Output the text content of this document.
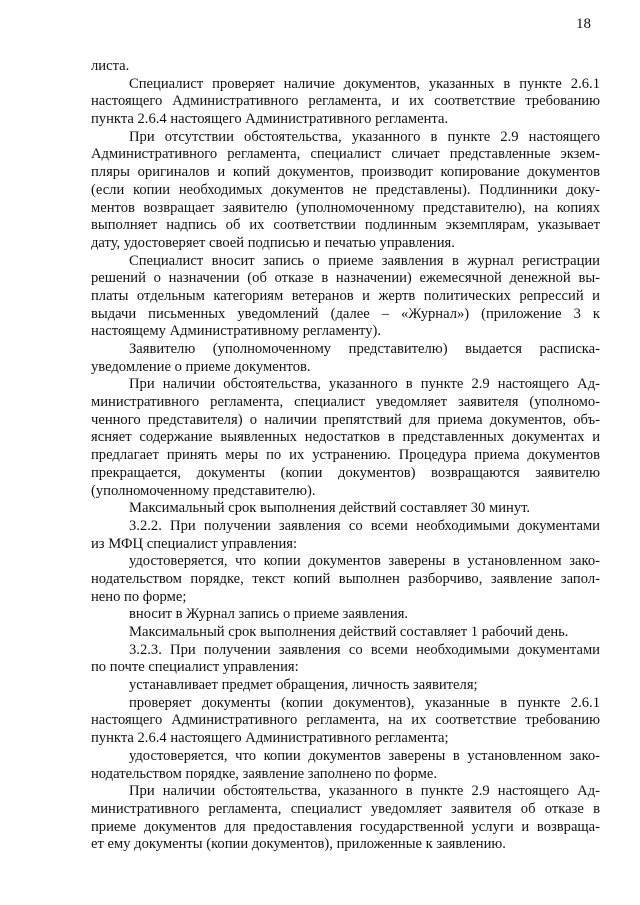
18
листа.
Специалист проверяет наличие документов, указанных в пункте 2.6.1
настоящего Административного регламента, и их соответствие требованию
пункта 2.6.4 настоящего Административного регламента.
При отсутствии обстоятельства, указанного в пункте 2.9 настоящего
Административного регламента, специалист сличает представленные экзем-
пляры оригиналов и копий документов, производит копирование документов
(если копии необходимых документов не представлены). Подлинники доку-
ментов возвращает заявителю (уполномоченному представителю), на копиях
выполняет надпись об их соответствии подлинным экземплярам, указывает
дату, удостоверяет своей подписью и печатью управления.
Специалист вносит запись о приеме заявления в журнал регистрации
решений о назначении (об отказе в назначении) ежемесячной денежной вы-
платы отдельным категориям ветеранов и жертв политических репрессий и
выдачи письменных уведомлений (далее – «Журнал») (приложение 3 к
настоящему Административному регламенту).
Заявителю (уполномоченному представителю) выдается расписка-
уведомление о приеме документов.
При наличии обстоятельства, указанного в пункте 2.9 настоящего Ад-
министративного регламента, специалист уведомляет заявителя (уполномо-
ченного представителя) о наличии препятствий для приема документов, объ-
ясняет содержание выявленных недостатков в представленных документах и
предлагает принять меры по их устранению. Процедура приема документов
прекращается, документы (копии документов) возвращаются заявителю
(уполномоченному представителю).
Максимальный срок выполнения действий составляет 30 минут.
3.2.2. При получении заявления со всеми необходимыми документами
из МФЦ специалист управления:
удостоверяется, что копии документов заверены в установленном зако-
нодательством порядке, текст копий выполнен разборчиво, заявление запол-
нено по форме;
вносит в Журнал запись о приеме заявления.
Максимальный срок выполнения действий составляет 1 рабочий день.
3.2.3. При получении заявления со всеми необходимыми документами
по почте специалист управления:
устанавливает предмет обращения, личность заявителя;
проверяет документы (копии документов), указанные в пункте 2.6.1
настоящего Административного регламента, на их соответствие требованию
пункта 2.6.4 настоящего Административного регламента;
удостоверяется, что копии документов заверены в установленном зако-
нодательством порядке, заявление заполнено по форме.
При наличии обстоятельства, указанного в пункте 2.9 настоящего Ад-
министративного регламента, специалист уведомляет заявителя об отказе в
приеме документов для предоставления государственной услуги и возвраща-
ет ему документы (копии документов), приложенные к заявлению.
